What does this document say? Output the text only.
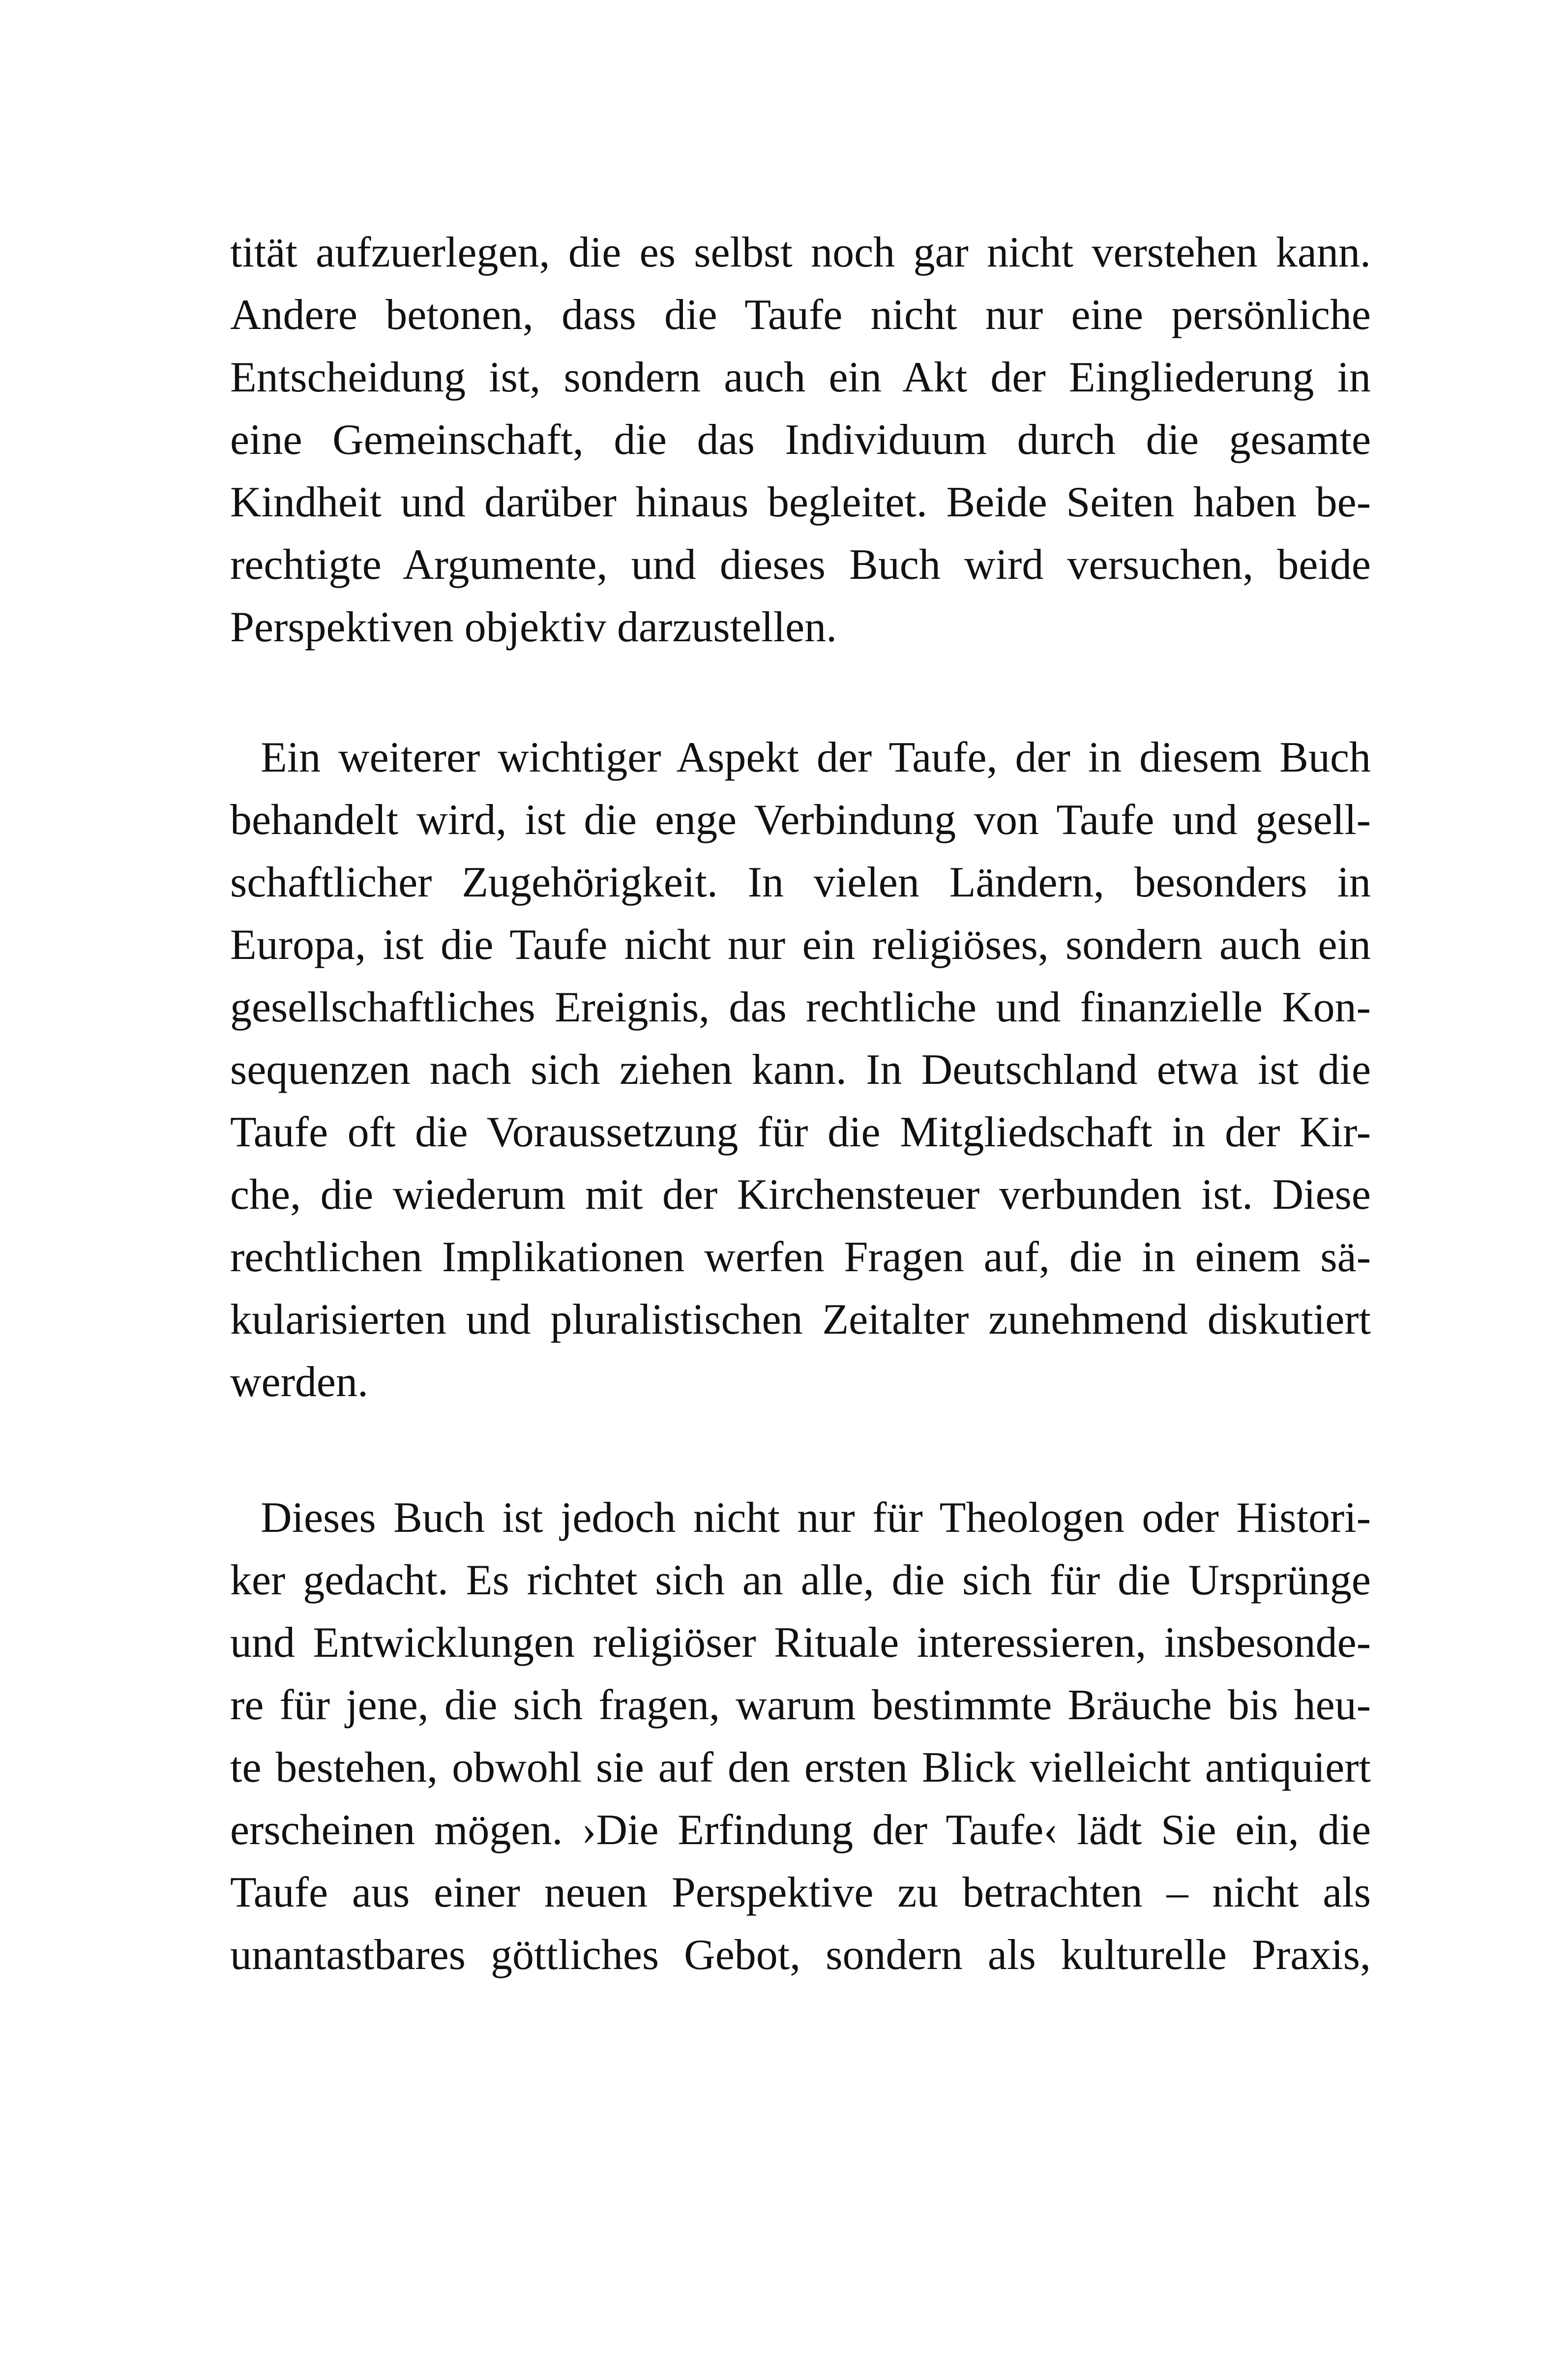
tität aufzuerlegen, die es selbst noch gar nicht verstehen kann.
Andere betonen, dass die Taufe nicht nur eine persönliche
Entscheidung ist, sondern auch ein Akt der Eingliederung in
eine Gemeinschaft, die das Individuum durch die gesamte
Kindheit und darüber hinaus begleitet. Beide Seiten haben be-
rechtigte Argumente, und dieses Buch wird versuchen, beide
Perspektiven objektiv darzustellen.
Ein weiterer wichtiger Aspekt der Taufe, der in diesem Buch
behandelt wird, ist die enge Verbindung von Taufe und gesell-
schaftlicher Zugehörigkeit. In vielen Ländern, besonders in
Europa, ist die Taufe nicht nur ein religiöses, sondern auch ein
gesellschaftliches Ereignis, das rechtliche und finanzielle Kon-
sequenzen nach sich ziehen kann. In Deutschland etwa ist die
Taufe oft die Voraussetzung für die Mitgliedschaft in der Kir-
che, die wiederum mit der Kirchensteuer verbunden ist. Diese
rechtlichen Implikationen werfen Fragen auf, die in einem sä-
kularisierten und pluralistischen Zeitalter zunehmend diskutiert
werden.
Dieses Buch ist jedoch nicht nur für Theologen oder Histori-
ker gedacht. Es richtet sich an alle, die sich für die Ursprünge
und Entwicklungen religiöser Rituale interessieren, insbesonde-
re für jene, die sich fragen, warum bestimmte Bräuche bis heu-
te bestehen, obwohl sie auf den ersten Blick vielleicht antiquiert
erscheinen mögen. ›Die Erfindung der Taufe‹ lädt Sie ein, die
Taufe aus einer neuen Perspektive zu betrachten – nicht als
unantastbares göttliches Gebot, sondern als kulturelle Praxis,
